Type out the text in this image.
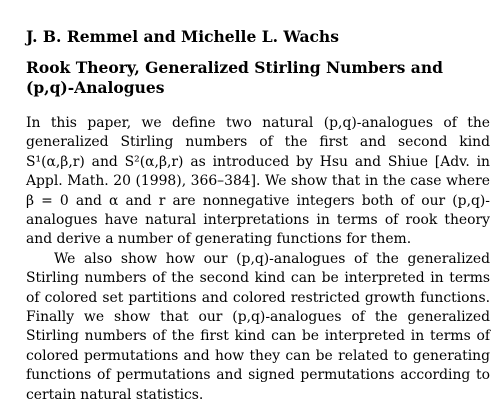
J. B. Remmel and Michelle L. Wachs

Rook Theory, Generalized Stirling Numbers and (p,q)-Analogues

In this paper, we define two natural (p,q)-analogues of the generalized Stirling numbers of the first and second kind S¹(α,β,r) and S²(α,β,r) as introduced by Hsu and Shiue [Adv. in Appl. Math. 20 (1998), 366–384]. We show that in the case where β = 0 and α and r are nonnegative integers both of our (p,q)-analogues have natural interpretations in terms of rook theory and derive a number of generating functions for them.

We also show how our (p,q)-analogues of the generalized Stirling numbers of the second kind can be interpreted in terms of colored set partitions and colored restricted growth functions. Finally we show that our (p,q)-analogues of the generalized Stirling numbers of the first kind can be interpreted in terms of colored permutations and how they can be related to generating functions of permutations and signed permutations according to certain natural statistics.
